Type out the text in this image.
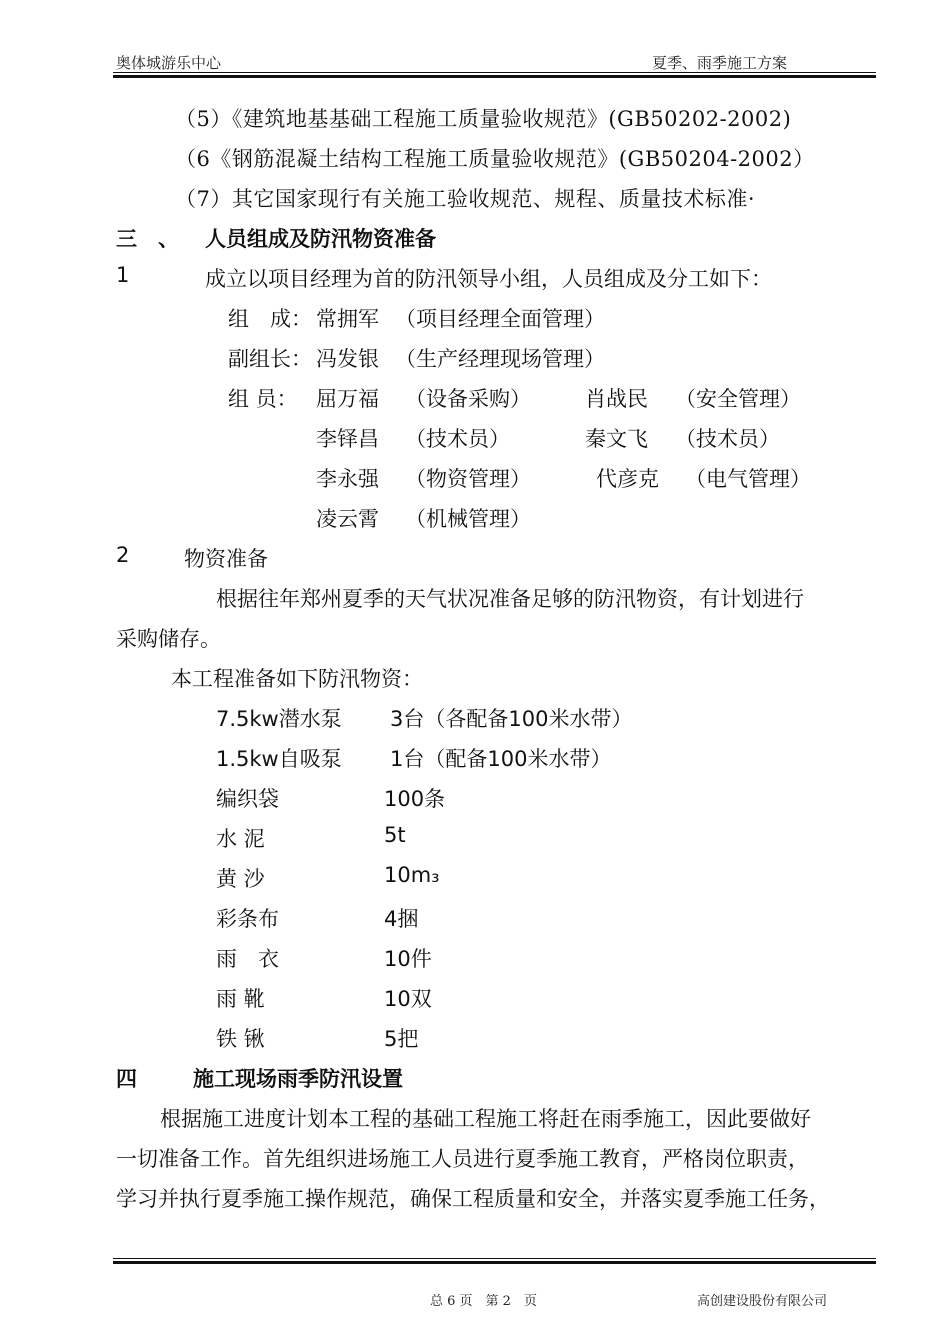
奥体城游乐中心	夏季、雨季施工方案
（5）《建筑地基基础工程施工质量验收规范》(GB50202-2002)
（6《钢筋混凝土结构工程施工质量验收规范》(GB50204-2002）
（7）其它国家现行有关施工验收规范、规程、质量技术标准·
三　、 人员组成及防汛物资准备
1	成立以项目经理为首的防汛领导小组，人员组成及分工如下：
组　成： 常拥军 （项目经理全面管理）
副组长： 冯发银 （生产经理现场管理）
组 员： 屈万福 （设备采购）	肖战民 （安全管理）
李铎昌 （技术员）	秦文飞 （技术员）
李永强 （物资管理）	代彦克 （电气管理）
凌云霄 （机械管理）
2	物资准备
根据往年郑州夏季的天气状况准备足够的防汛物资，有计划进行
采购储存。
本工程准备如下防汛物资：
7.5kw潜水泵 3台（各配备100米水带）
1.5kw自吸泵 1台（配备100米水带）
编织袋	100条
水 泥	5t
黄 沙	10m₃
彩条布	4捆
雨　衣	10件
雨 靴	10双
铁 锹	5把
四	施工现场雨季防汛设置
根据施工进度计划本工程的基础工程施工将赶在雨季施工，因此要做好
一切准备工作。首先组织进场施工人员进行夏季施工教育，严格岗位职责，
学习并执行夏季施工操作规范，确保工程质量和安全，并落实夏季施工任务，
总 6 页　第 2　页	高创建设股份有限公司
